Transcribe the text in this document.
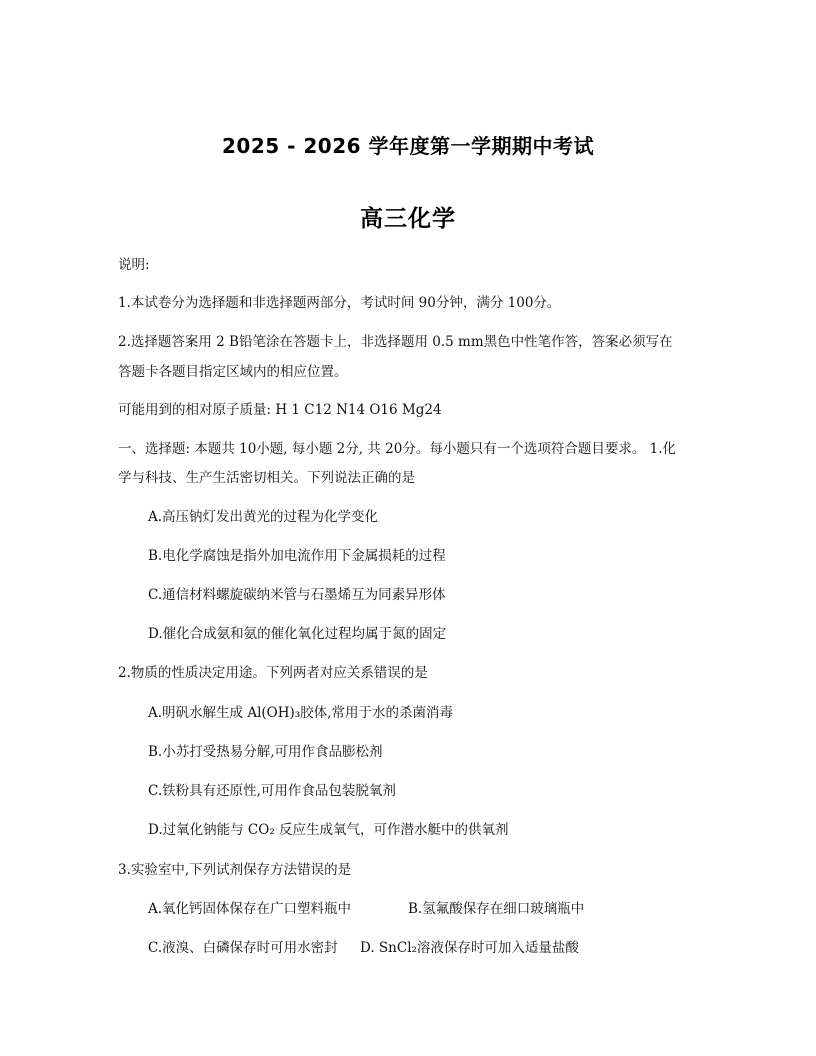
2025 - 2026 学年度第一学期期中考试
高三化学
说明:
1.本试卷分为选择题和非选择题两部分，考试时间 90分钟，满分 100分。
2.选择题答案用 2 B铅笔涂在答题卡上，非选择题用 0.5 mm黑色中性笔作答，答案必须写在
答题卡各题目指定区域内的相应位置。
可能用到的相对原子质量: H 1 C12 N14 O16 Mg24
一、选择题: 本题共 10小题, 每小题 2分, 共 20分。每小题只有一个选项符合题目要求。 1.化
学与科技、生产生活密切相关。下列说法正确的是
A.高压钠灯发出黄光的过程为化学变化
B.电化学腐蚀是指外加电流作用下金属损耗的过程
C.通信材料螺旋碳纳米管与石墨烯互为同素异形体
D.催化合成氨和氨的催化氧化过程均属于氮的固定
2.物质的性质决定用途。下列两者对应关系错误的是
A.明矾水解生成 Al(OH)₃胶体,常用于水的杀菌消毒
B.小苏打受热易分解,可用作食品膨松剂
C.铁粉具有还原性,可用作食品包装脱氧剂
D.过氧化钠能与 CO₂ 反应生成氧气，可作潜水艇中的供氧剂
3.实验室中,下列试剂保存方法错误的是
A.氧化钙固体保存在广口塑料瓶中	B.氢氟酸保存在细口玻璃瓶中
C.液溴、白磷保存时可用水密封	D. SnCl₂溶液保存时可加入适量盐酸
